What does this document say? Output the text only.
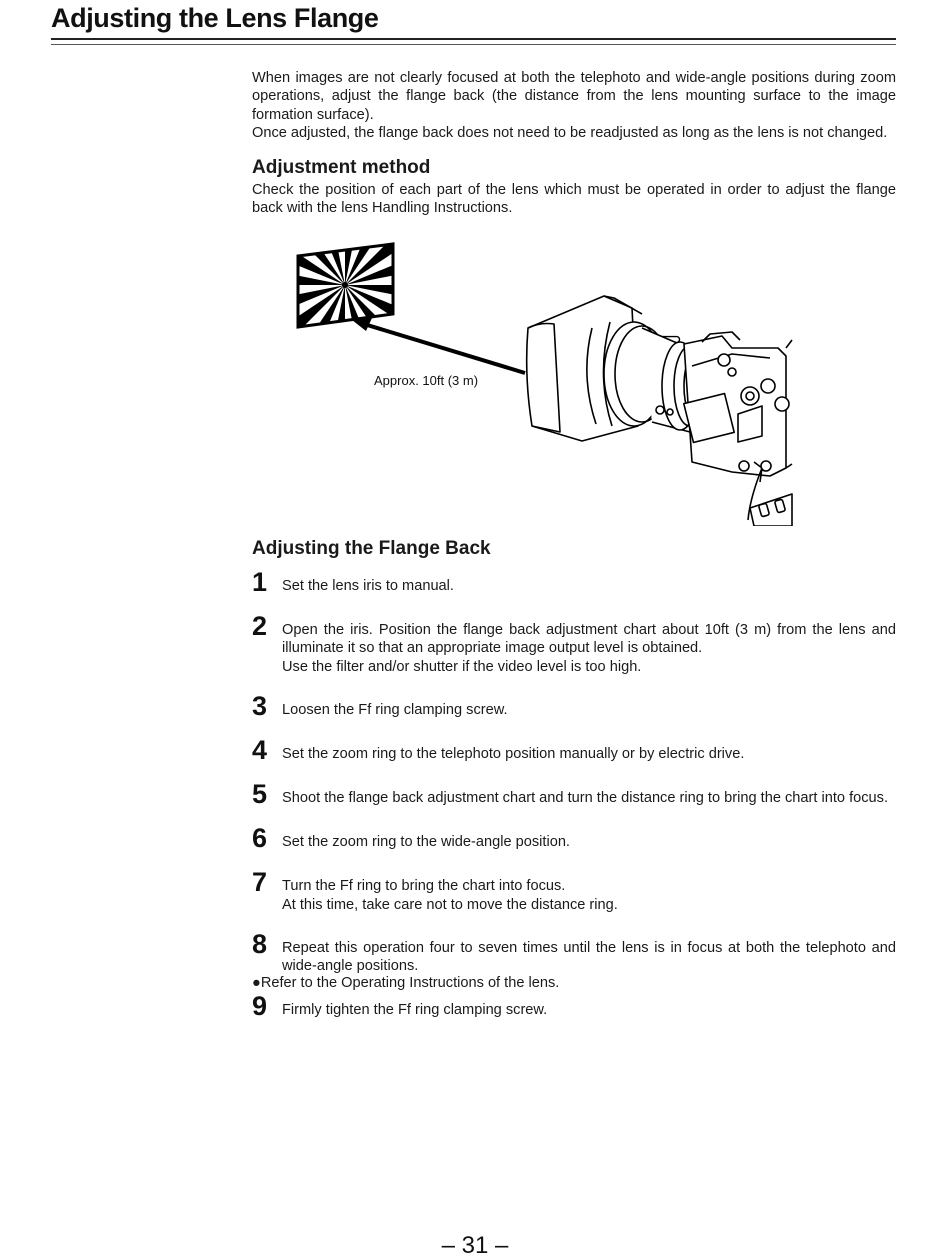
Adjusting the Lens Flange

When images are not clearly focused at both the telephoto and wide-angle positions during zoom operations, adjust the flange back (the distance from the lens mounting surface to the image formation surface).

Once adjusted, the flange back does not need to be readjusted as long as the lens is not changed.

Adjustment method

Check the position of each part of the lens which must be operated in order to adjust the flange back with the lens Handling Instructions.

Approx. 10ft (3 m)
Adjusting the Flange Back
1	Set the lens iris to manual.
2	Open the iris. Position the flange back adjustment chart about 10ft (3 m) from the lens and illuminate it so that an appropriate image output level is obtained.
Use the filter and/or shutter if the video level is too high.
3	Loosen the Ff ring clamping screw.
4	Set the zoom ring to the telephoto position manually or by electric drive.
5	Shoot the flange back adjustment chart and turn the distance ring to bring the chart into focus.
6	Set the zoom ring to the wide-angle position.
7	Turn the Ff ring to bring the chart into focus.
At this time, take care not to move the distance ring.
8	Repeat this operation four to seven times until the lens is in focus at both the telephoto and wide-angle positions.
9	Firmly tighten the Ff ring clamping screw.
●Refer to the Operating Instructions of the lens.
– 31 –
